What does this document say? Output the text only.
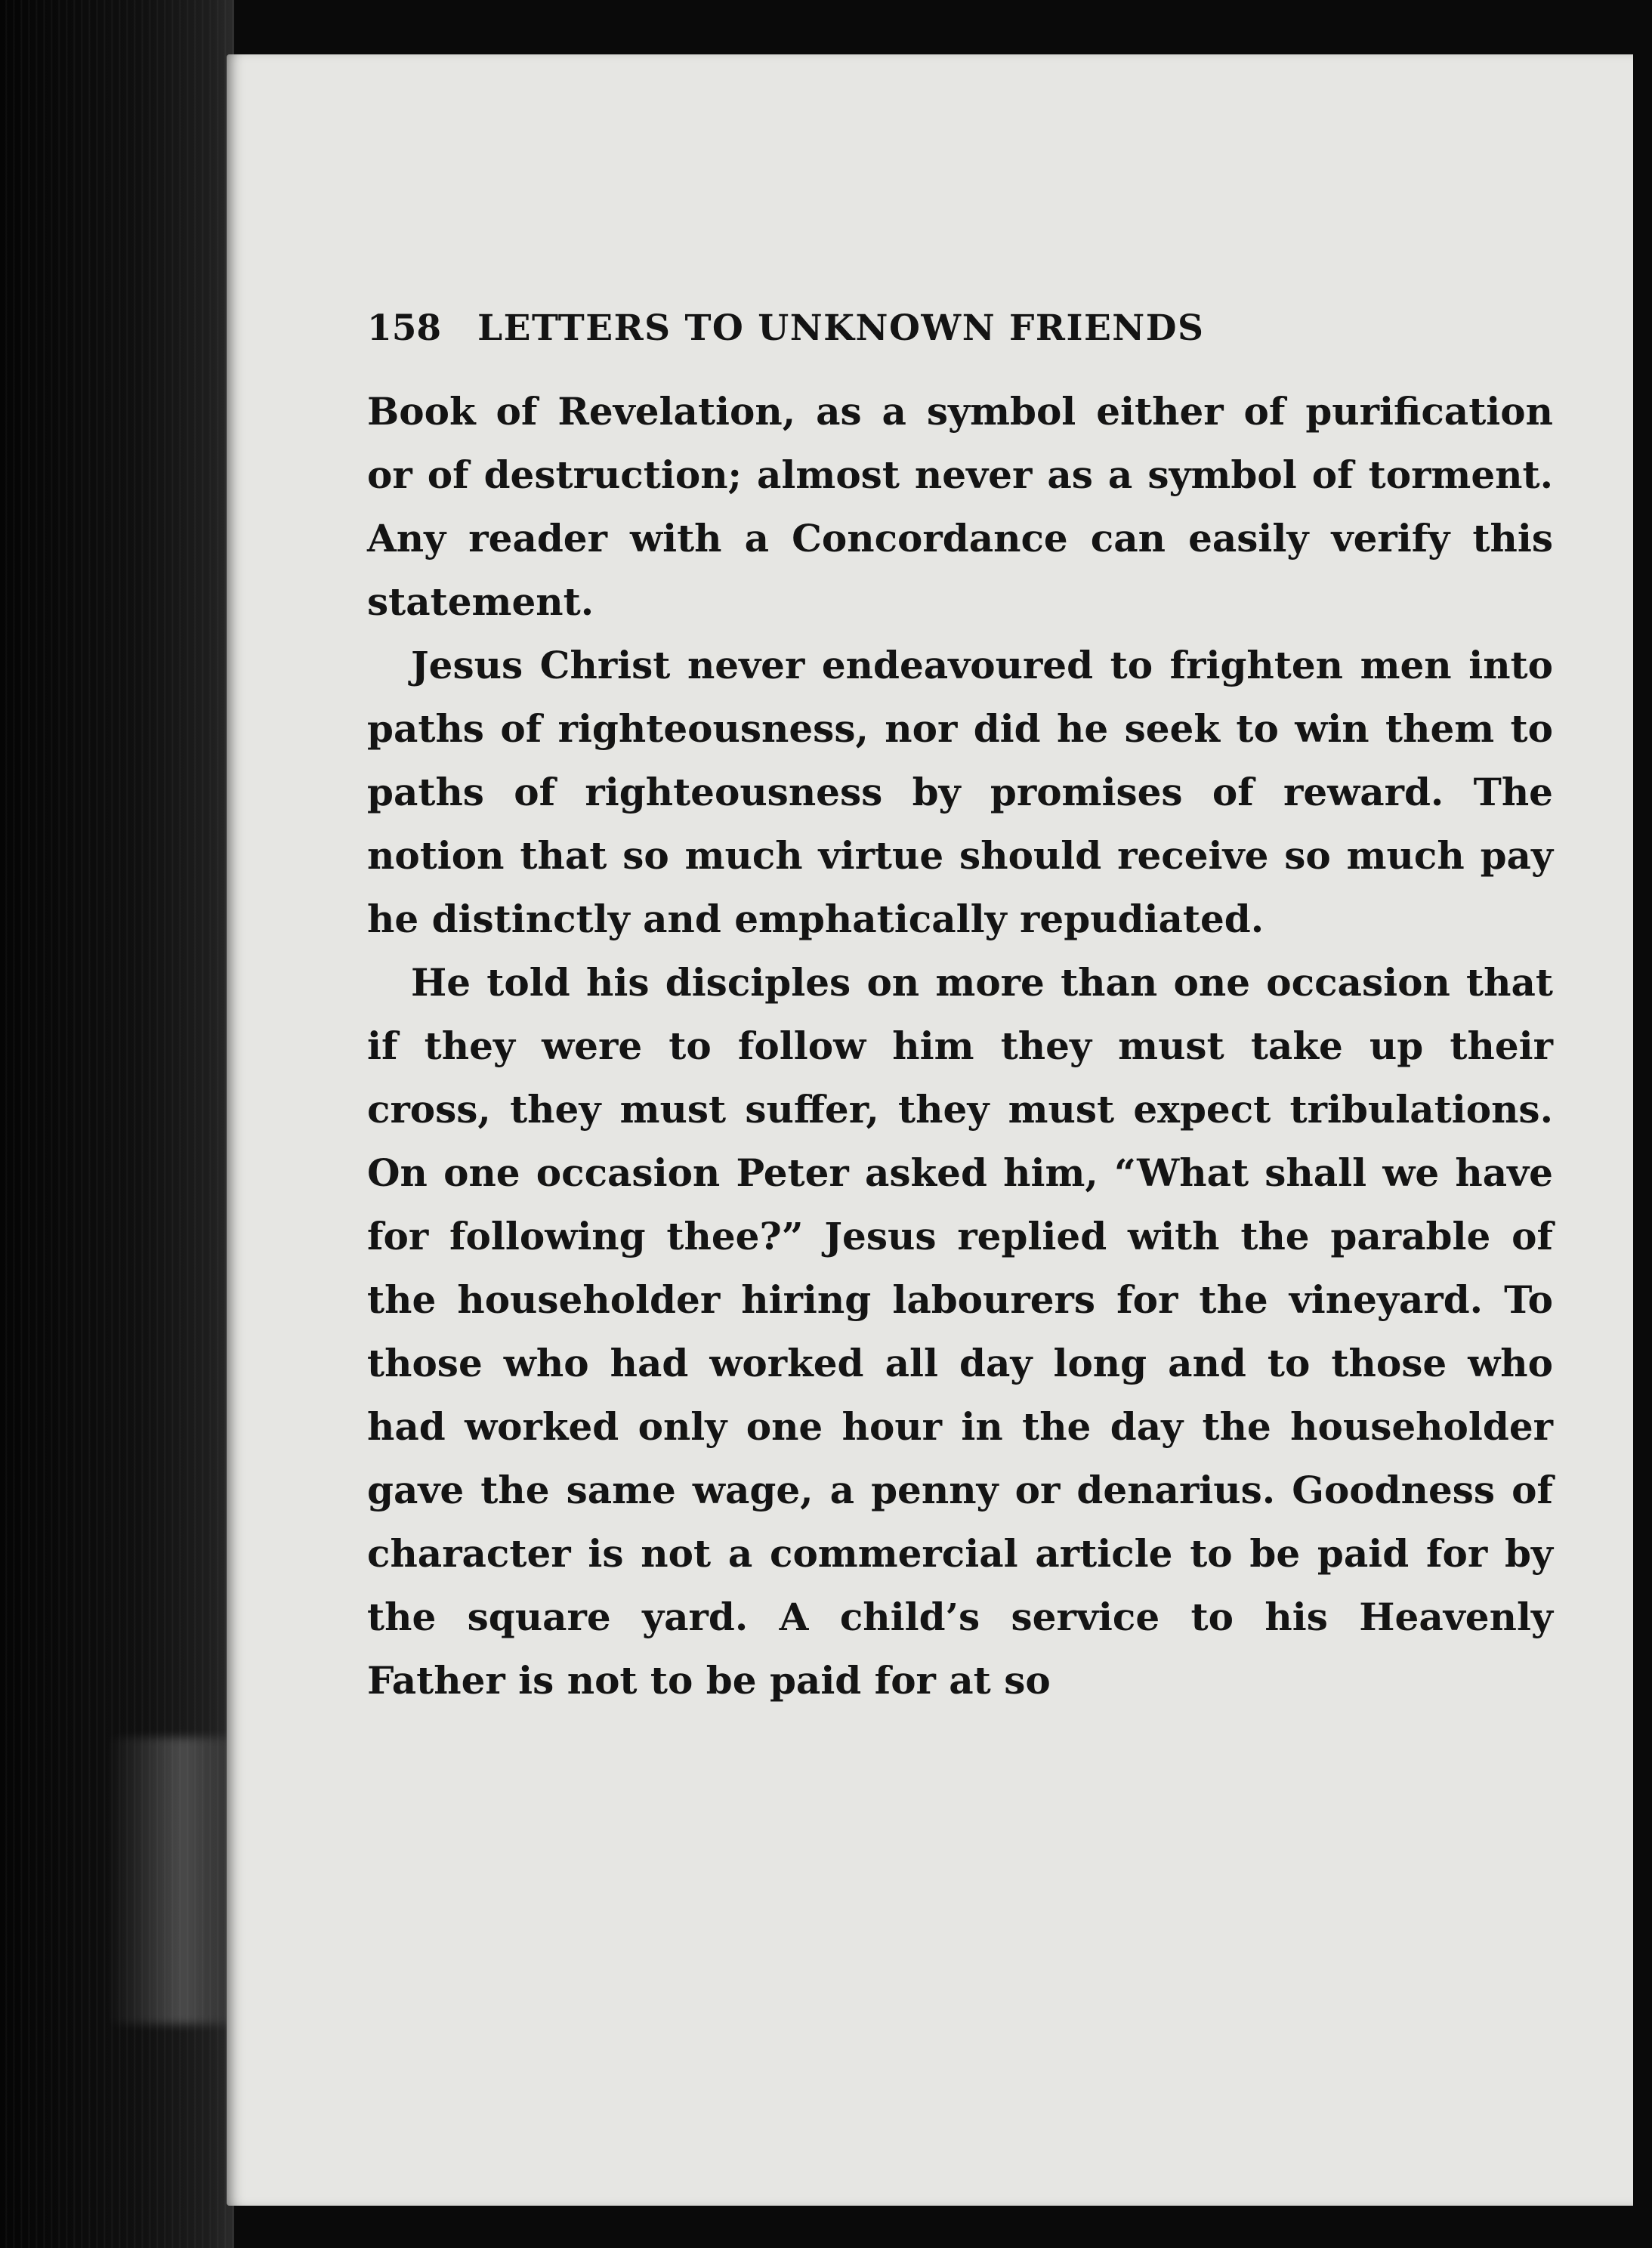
158 LETTERS TO UNKNOWN FRIENDS

Book of Revelation, as a symbol either of purification or of destruction; almost never as a symbol of torment. Any reader with a Concordance can easily verify this statement.

Jesus Christ never endeavoured to frighten men into paths of righteousness, nor did he seek to win them to paths of righteousness by promises of reward. The notion that so much virtue should receive so much pay he distinctly and emphatically repudiated.

He told his disciples on more than one occasion that if they were to follow him they must take up their cross, they must suffer, they must expect tribulations. On one occasion Peter asked him, “What shall we have for following thee?” Jesus replied with the parable of the householder hiring labourers for the vineyard. To those who had worked all day long and to those who had worked only one hour in the day the householder gave the same wage, a penny or denarius. Goodness of character is not a commercial article to be paid for by the square yard. A child’s service to his Heavenly Father is not to be paid for at so
